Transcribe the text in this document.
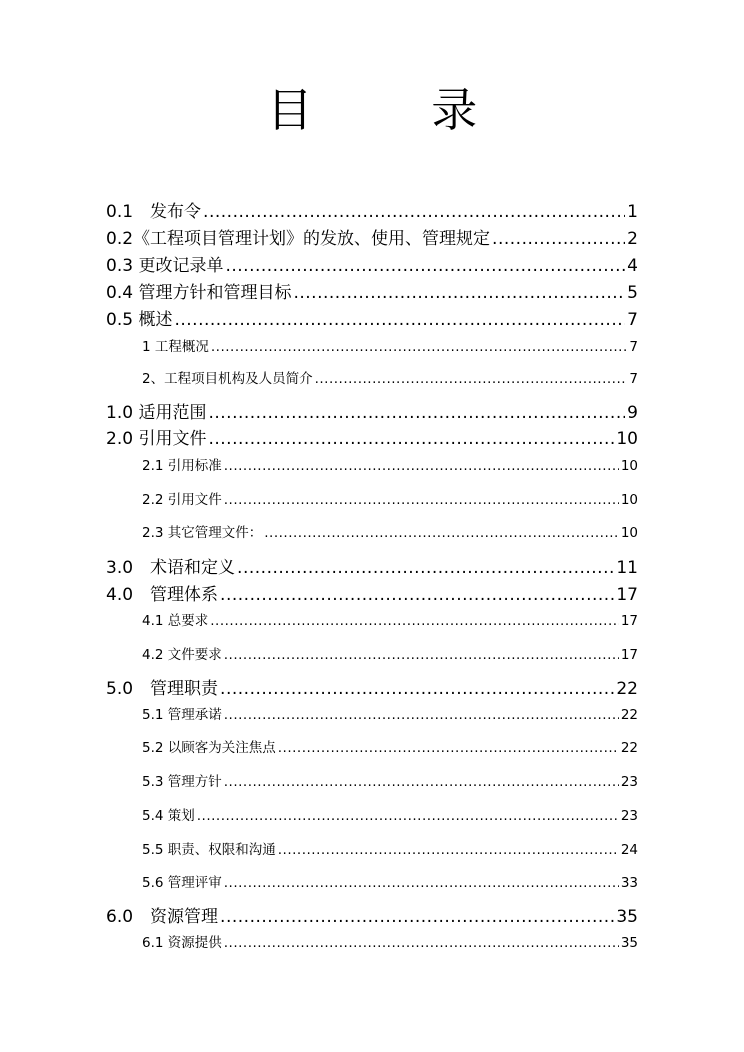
目 录
0.1　发布令 .....	1
0.2《工程项目管理计划》的发放、使用、管理规定 .....	2
0.3 更改记录单 .....	4
0.4 管理方针和管理目标 .....	5
0.5 概述 .....	7
1 工程概况 .....	7
2、工程项目机构及人员简介 .....	7
1.0 适用范围 .....	9
2.0 引用文件 .....	10
2.1 引用标准 .....	10
2.2 引用文件 .....	10
2.3 其它管理文件： .....	10
3.0　术语和定义 .....	11
4.0　管理体系 .....	17
4.1 总要求 .....	17
4.2 文件要求 .....	17
5.0　管理职责 .....	22
5.1 管理承诺 .....	22
5.2 以顾客为关注焦点 .....	22
5.3 管理方针 .....	23
5.4 策划 .....	23
5.5 职责、权限和沟通 .....	24
5.6 管理评审 .....	33
6.0　资源管理 .....	35
6.1 资源提供 .....	35
